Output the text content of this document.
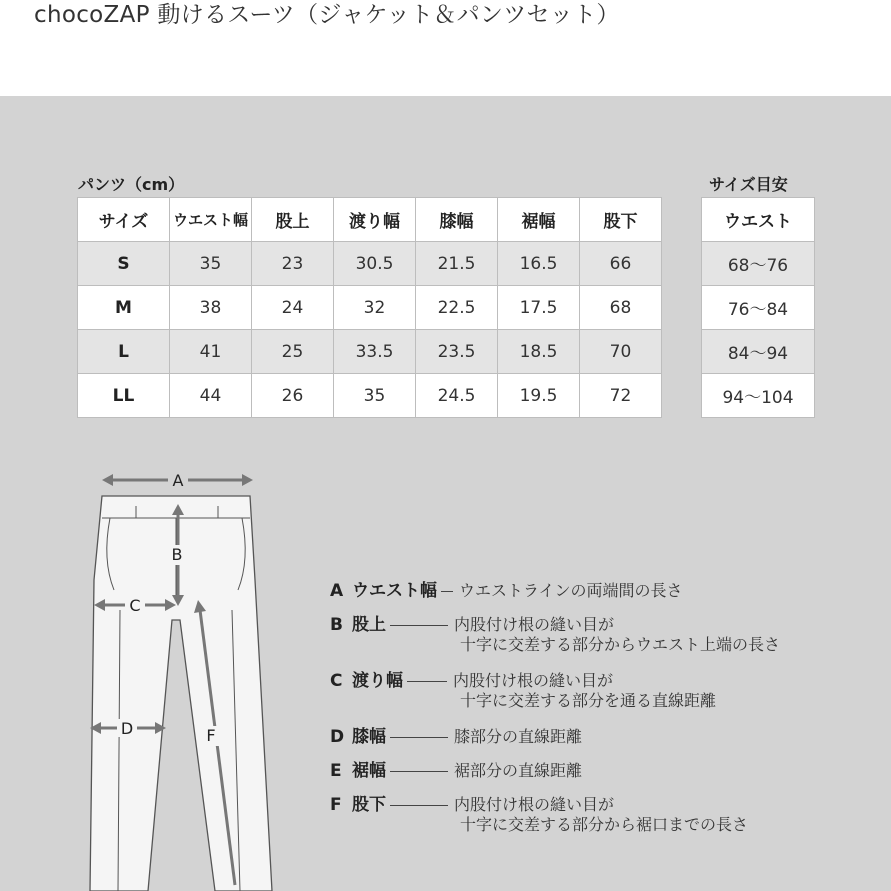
chocoZAP 動けるスーツ（ジャケット＆パンツセット）
パンツ（cm）	サイズ目安
サイズ	ウエスト幅	股上	渡り幅	膝幅	裾幅	股下
S	35	23	30.5	21.5	16.5	66
M	38	24	32	22.5	17.5	68
L	41	25	33.5	23.5	18.5	70
LL	44	26	35	24.5	19.5	72
ウエスト
68〜76
76〜84
84〜94
94〜104
A
B
C
D	F
A ウエスト幅 ウエストラインの両端間の長さ
B 股上	内股付け根の縫い目が
十字に交差する部分からウエスト上端の長さ
C 渡り幅	内股付け根の縫い目が
十字に交差する部分を通る直線距離
D 膝幅	膝部分の直線距離
E 裾幅	裾部分の直線距離
F 股下	内股付け根の縫い目が
十字に交差する部分から裾口までの長さ
